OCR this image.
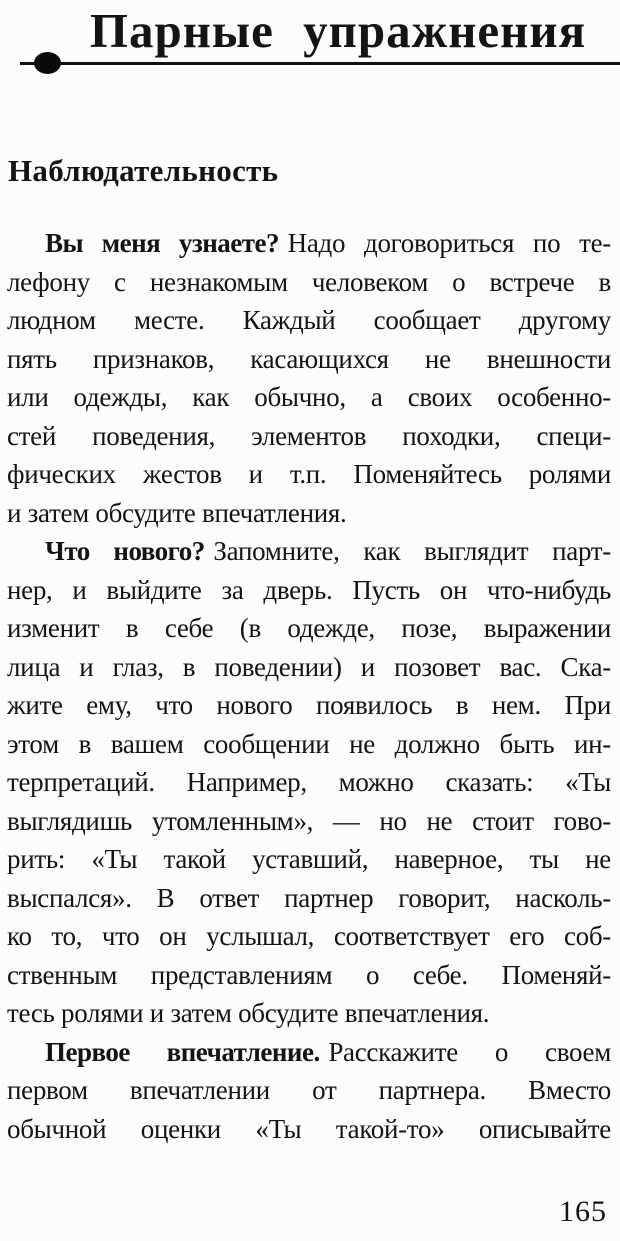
Парные упражнения
Наблюдательность
Вы меня узнаете? Надо договориться по те-
лефону с незнакомым человеком о встрече в
людном месте. Каждый сообщает другому
пять признаков, касающихся не внешности
или одежды, как обычно, а своих особенно-
стей поведения, элементов походки, специ-
фических жестов и т.п. Поменяйтесь ролями
и затем обсудите впечатления.
Что нового? Запомните, как выглядит парт-
нер, и выйдите за дверь. Пусть он что-нибудь
изменит в себе (в одежде, позе, выражении
лица и глаз, в поведении) и позовет вас. Ска-
жите ему, что нового появилось в нем. При
этом в вашем сообщении не должно быть ин-
терпретаций. Например, можно сказать: «Ты
выглядишь утомленным», — но не стоит гово-
рить: «Ты такой уставший, наверное, ты не
выспался». В ответ партнер говорит, насколь-
ко то, что он услышал, соответствует его соб-
ственным представлениям о себе. Поменяй-
тесь ролями и затем обсудите впечатления.
Первое впечатление. Расскажите о своем
первом впечатлении от партнера. Вместо
обычной оценки «Ты такой-то» описывайте
165
